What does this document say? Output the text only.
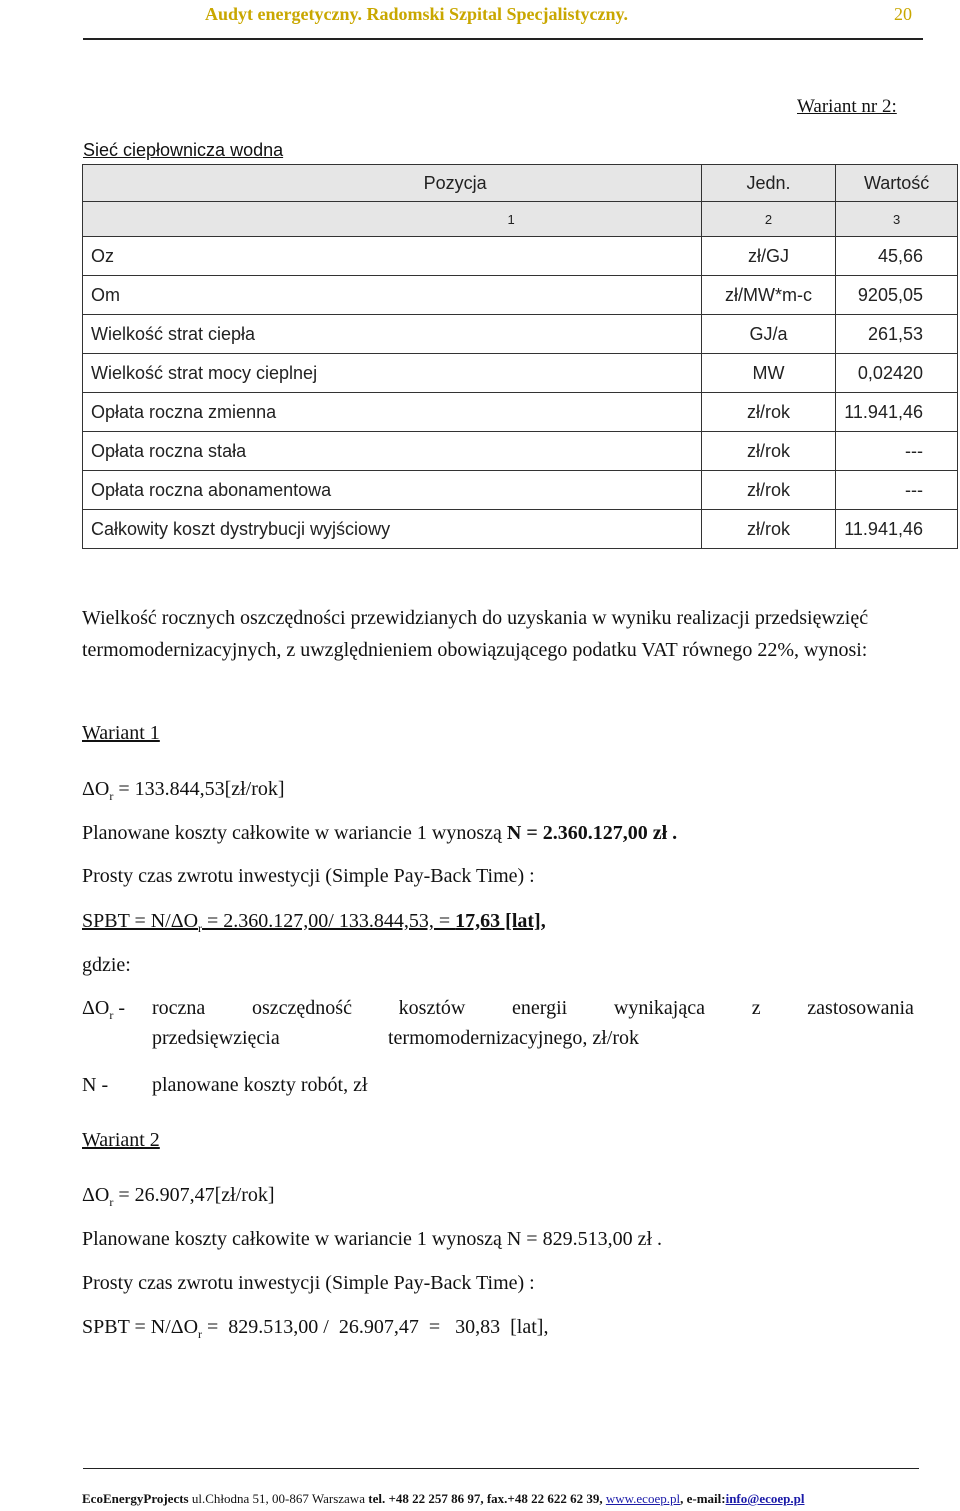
Audyt energetyczny. Radomski Szpital Specjalistyczny.	20
Wariant nr 2:
Sieć ciepłownicza wodna
Pozycja	Jedn.	Wartość
1	2	3
Oz	zł/GJ	45,66
Om	zł/MW*m-c	9205,05
Wielkość strat ciepła	GJ/a	261,53
Wielkość strat mocy cieplnej	MW	0,02420
Opłata roczna zmienna	zł/rok	11.941,46
Opłata roczna stała	zł/rok	---
Opłata roczna abonamentowa	zł/rok	---
Całkowity koszt dystrybucji wyjściowy	zł/rok	11.941,46
Wielkość rocznych oszczędności przewidzianych do uzyskania w wyniku realizacji przedsięwzięć termomodernizacyjnych, z uwzględnieniem obowiązującego podatku VAT równego 22%, wynosi:
Wariant 1
$\Delta O_r$ = 133.844,53[zł/rok]
Planowane koszty całkowite w wariancie 1 wynoszą N = 2.360.127,00 zł .
Prosty czas zwrotu inwestycji (Simple Pay-Back Time) :
SPBT = $N/\Delta O_r = 2.360.127,00/$ 133.844,53, = 17,63 [lat],
gdzie:
$\Delta O_r$ - roczna oszczędność kosztów energii wynikająca z zastosowania
przedsięwzięcia	termomodernizacyjnego, zł/rok
N - planowane koszty robót, zł
Wariant 2
$\Delta O_r$ = 26.907,47[zł/rok]
Planowane koszty całkowite w wariancie 1 wynoszą N = 829.513,00 zł .
Prosty czas zwrotu inwestycji (Simple Pay-Back Time) :
SPBT = $N/\Delta O_r = 829.513,00 / 26.907,47 = 30,83$  [lat],
EcoEnergyProjects ul.Chłodna 51, 00-867 Warszawa tel. +48 22 257 86 97, fax.+48 22 622 62 39, www.ecoep.pl, e-mail:info@ecoep.pl
